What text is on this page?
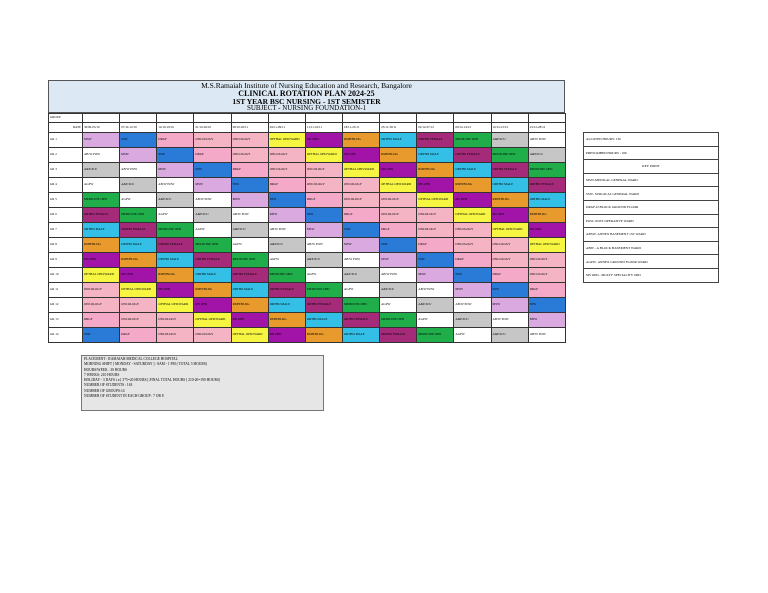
M.S.Ramaiah Institute of Nursing Education and Research, Bangalore
CLINICAL ROTATION PLAN 2024-25
1ST YEAR BSC NURSING - 1ST SEMISTER
SUBJECT - NURSING FOUNDATION-1
GROUP													
DATE	30/09-05/10	07/10-12/10	14/10-19/10	21/10-26/10	28/10-02/11	04/11-09/11	11/11-16/11	18/11-23/11	25/11-30/11	02/12-07/12	09/12-14/12	16/12-21/12	23/12-28/12
GR 1	MSW	SSW	DRGF	ONCOLOGY	ONCOLOGY	OPTHAL OPD/WARD	MS OPD	RMH/BLDG	ORTHO MALE	ORTHO FEMALE	MEDICINE OPD	A&E/ICU	AB/W POW
GR 2	AB/W POW	MSW	SSW	DRGF	ONCOLOGY	ONCOLOGY	OPTHAL OPD/WARD	MS OPD	RMH/BLDG	ORTHO MALE	ORTHO FEMALE	MEDICINE OPD	A&E/ICU
GR 3	A&E/ICU	AB/W POW	MSW	SSW	DRGF	ONCOLOGY	ONCOLOGY	OPTHAL OPD/WARD	MS OPD	RMH/BLDG	ORTHO MALE	ORTHO FEMALE	MEDICINE OPD
GR 4	AGPW	A&E/ICU	AB/W POW	MSW	SSW	DRGF	ONCOLOGY	ONCOLOGY	OPTHAL OPD/WARD	MS OPD	RMH/BLDG	ORTHO MALE	ORTHO FEMALE
GR 5	MEDICINE OPD	AGPW	A&E/ICU	AB/W POW	MSW	SSW	DRGF	ONCOLOGY	ONCOLOGY	OPTHAL OPD/WARD	MS OPD	RMH/BLDG	ORTHO MALE
GR 6	ORTHO FEMALE	MEDICINE OPD	AGPW	A&E/ICU	AB/W POW	MSW	SSW	DRGF	ONCOLOGY	ONCOLOGY	OPTHAL OPD/WARD	MS OPD	RMH/BLDG
GR 7	ORTHO MALE	ORTHO FEMALE	MEDICINE OPD	AGPW	A&E/ICU	AB/W POW	MSW	SSW	DRGF	ONCOLOGY	ONCOLOGY	OPTHAL OPD/WARD	MS OPD
GR 8	RMH/BLDG	ORTHO MALE	ORTHO FEMALE	MEDICINE OPD	AGPW	A&E/ICU	AB/W POW	MSW	SSW	DRGF	ONCOLOGY	ONCOLOGY	OPTHAL OPD/WARD
GR 9	MS OPD	RMH/BLDG	ORTHO MALE	ORTHO FEMALE	MEDICINE OPD	AGPW	A&E/ICU	AB/W POW	MSW	SSW	DRGF	ONCOLOGY	ONCOLOGY
GR 10	OPTHAL OPD/WARD	MS OPD	RMH/BLDG	ORTHO MALE	ORTHO FEMALE	MEDICINE OPD	AGPW	A&E/ICU	AB/W POW	MSW	SSW	DRGF	ONCOLOGY
GR 11	ONCOLOGY	OPTHAL OPD/WARD	MS OPD	RMH/BLDG	ORTHO MALE	ORTHO FEMALE	MEDICINE OPD	AGPW	A&E/ICU	AB/W POW	MSW	SSW	DRGF
GR 12	ONCOLOGY	ONCOLOGY	OPTHAL OPD/WARD	MS OPD	RMH/BLDG	ORTHO MALE	ORTHO FEMALE	MEDICINE OPD	AGPW	A&E/ICU	AB/W POW	MSW	SSW
GR 13	DRGF	ONCOLOGY	ONCOLOGY	OPTHAL OPD/WARD	MS OPD	RMH/BLDG	ORTHO MALE	ORTHO FEMALE	MEDICINE OPD	AGPW	A&E/ICU	AB/W POW	MSW
GR 14	SSW	DRGF	ONCOLOGY	ONCOLOGY	OPTHAL OPD/WARD	MS OPD	RMH/BLDG	ORTHO MALE	ORTHO FEMALE	MEDICINE OPD	AGPW	A&E/ICU	AB/W POW
ALLOTED HOURS: 130
PRESCRIBED HOURS : 160
KEY POINT
MSW-MEDICAL GENERAL WARD
SSW- SURGICAL GENERAL WARD
DRGF-D BLOCK GROUND FLOOR
POW- POST OPERATIVE WARD
ABSW- ANNEX BASEMENT 1ST WARD
ABW - A BLOCK BASEMENT WARD
AGPW- ANNEX GROUND FLOOR WARD
MS OPD - MULTY SPECIALITY OPD
PLACEMENT : RAMAIAH MEDICAL COLLEGE HOSPITAL
MORNING SHIFT [ MONDAY - SATURDAY ] : 8AM - 1 PM ( TOTAL 5 HOURS)
HOURS/WEEK : 30 HOURS
7 WEEKS: 210 HOURS
HOLIDAY - 3 DAYS i.e.[ 3*5=20 HOURS] ,FINAL TOTAL HOURS [ 210-20=190 HOURS]
NUMBER OF STUDENTS : 163
NUMBER OF GROUPS:14
NUMBER OF STUDENT IN EACH GROUP : 7 OR 8
